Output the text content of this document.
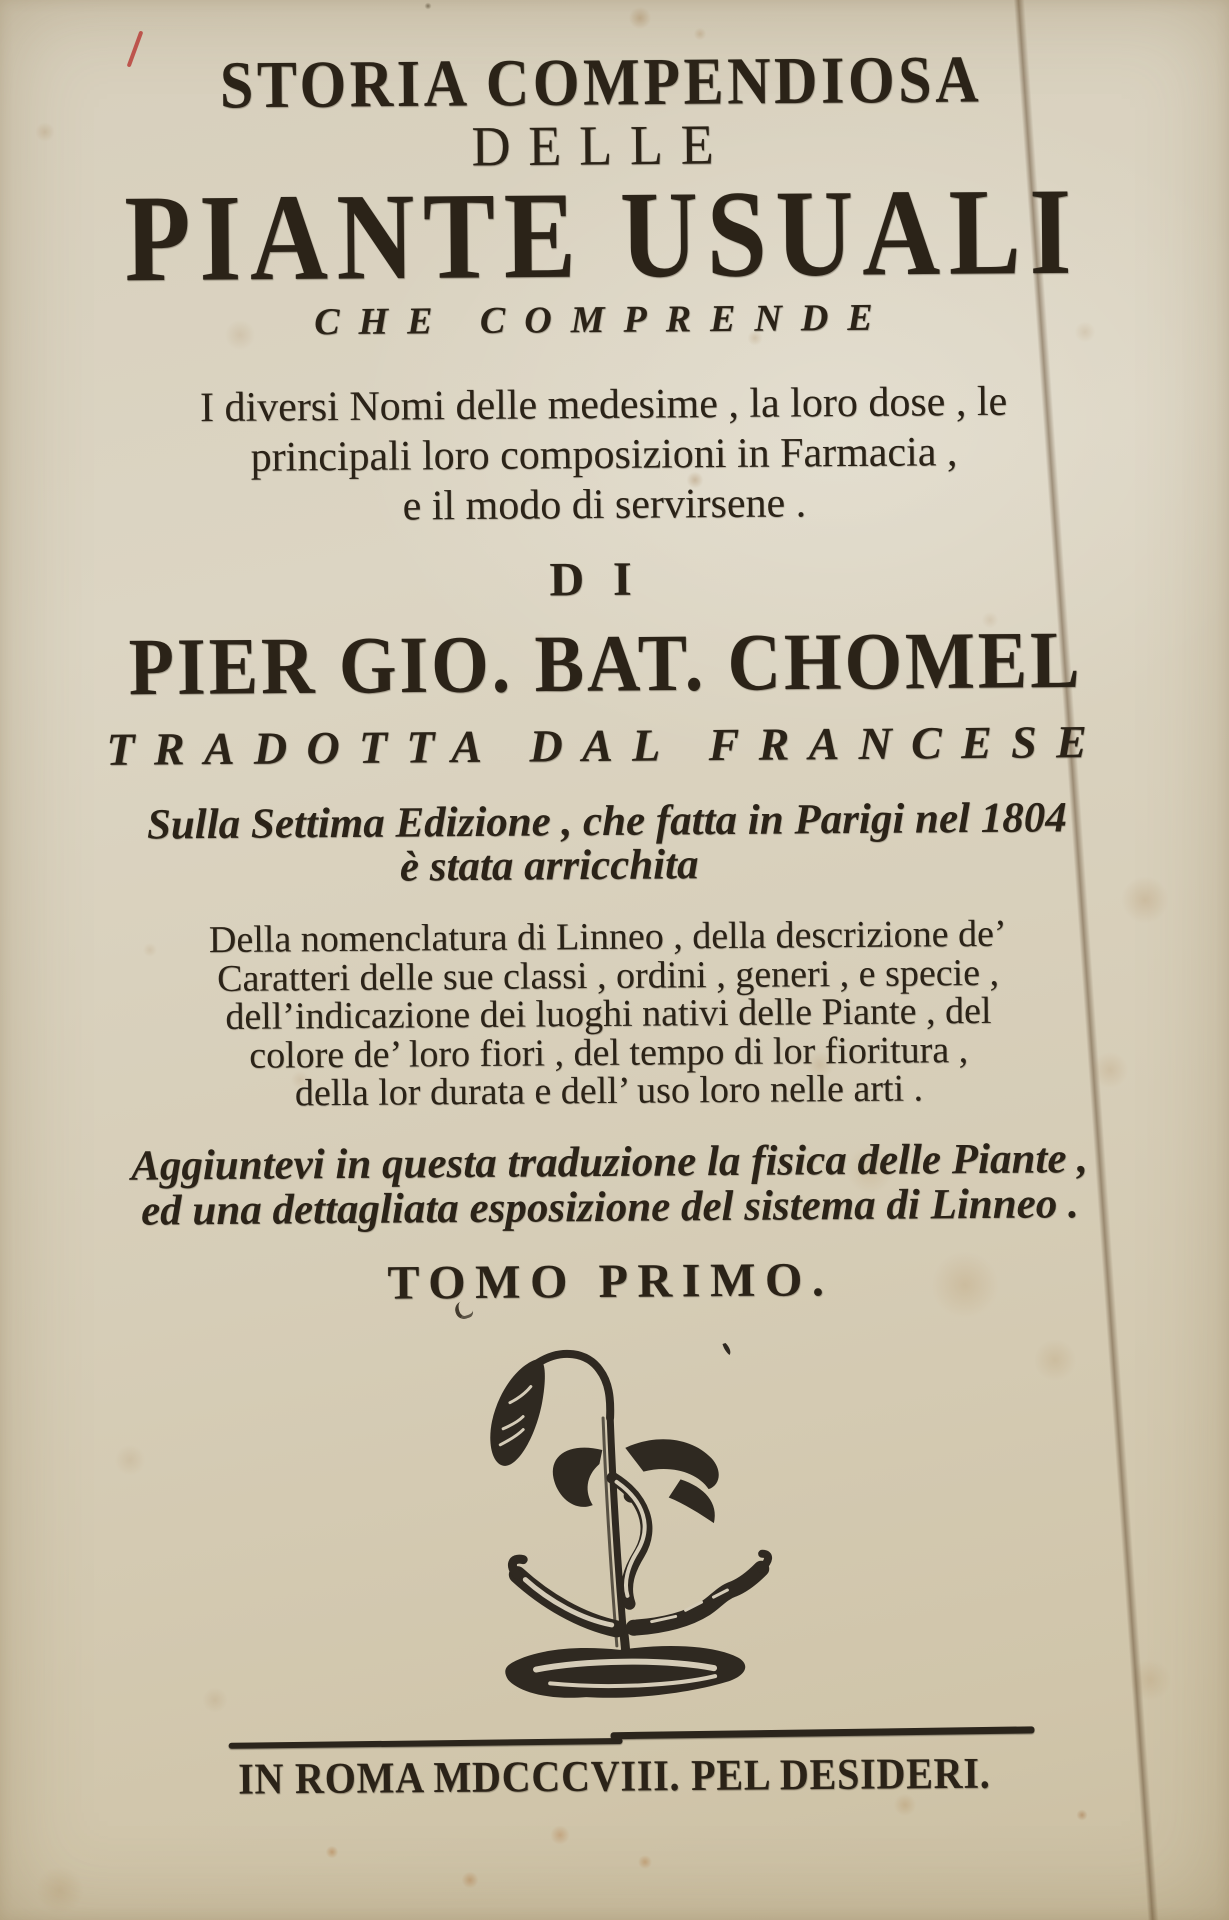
STORIA COMPENDIOSA
DELLE
PIANTE USUALI
CHE COMPRENDE
I diversi Nomi delle medesime , la loro dose , le
principali loro composizioni in Farmacia ,
e il modo di servirsene .
DI
PIER GIO. BAT. CHOMEL
TRADOTTA DAL FRANCESE
Sulla Settima Edizione , che fatta in Parigi nel 1804
è stata arricchita
Della nomenclatura di Linneo , della descrizione de’
Caratteri delle sue classi , ordini , generi , e specie ,
dell’indicazione dei luoghi nativi delle Piante , del
colore de’ loro fiori , del tempo di lor fioritura ,
della lor durata e dell’ uso loro nelle arti .
Aggiuntevi in questa traduzione la fisica delle Piante ,
ed una dettagliata esposizione del sistema di Linneo .
TOMO PRIMO.
IN ROMA MDCCCVIII. PEL DESIDERI.
